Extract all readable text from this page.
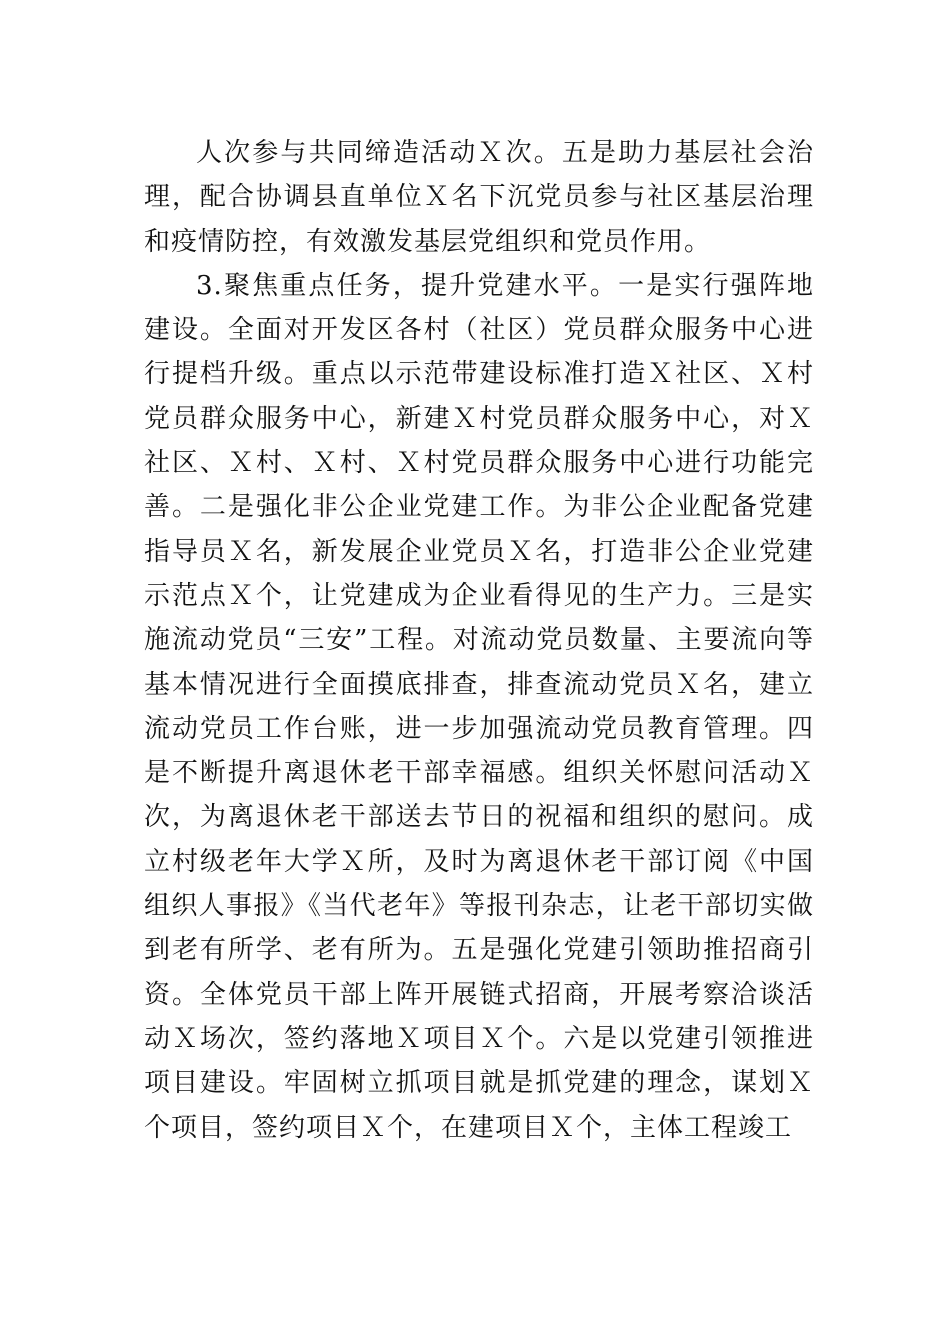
人次参与共同缔造活动Ｘ次。五是助力基层社会治理，配合协调县直单位Ｘ名下沉党员参与社区基层治理和疫情防控，有效激发基层党组织和党员作用。

3.聚焦重点任务，提升党建水平。一是实行强阵地建设。全面对开发区各村（社区）党员群众服务中心进行提档升级。重点以示范带建设标准打造Ｘ社区、Ｘ村党员群众服务中心，新建Ｘ村党员群众服务中心，对Ｘ社区、Ｘ村、Ｘ村、Ｘ村党员群众服务中心进行功能完善。二是强化非公企业党建工作。为非公企业配备党建指导员Ｘ名，新发展企业党员Ｘ名，打造非公企业党建示范点Ｘ个，让党建成为企业看得见的生产力。三是实施流动党员“三安”工程。对流动党员数量、主要流向等基本情况进行全面摸底排查，排查流动党员Ｘ名，建立流动党员工作台账，进一步加强流动党员教育管理。四是不断提升离退休老干部幸福感。组织关怀慰问活动Ｘ次，为离退休老干部送去节日的祝福和组织的慰问。成立村级老年大学Ｘ所，及时为离退休老干部订阅《中国组织人事报》《当代老年》等报刊杂志，让老干部切实做到老有所学、老有所为。五是强化党建引领助推招商引资。全体党员干部上阵开展链式招商，开展考察洽谈活动Ｘ场次，签约落地Ｘ项目Ｘ个。六是以党建引领推进项目建设。牢固树立抓项目就是抓党建的理念，谋划Ｘ个项目，签约项目Ｘ个，在建项目Ｘ个，主体工程竣工
